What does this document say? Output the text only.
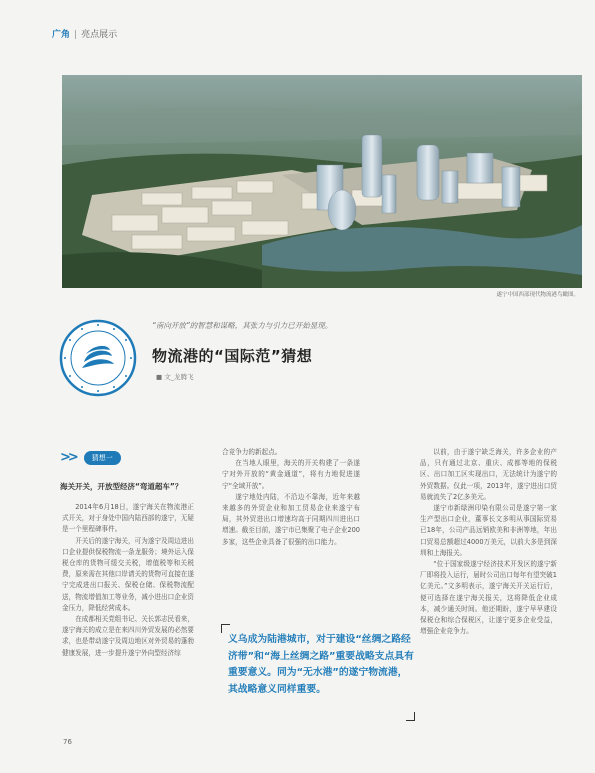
广角 | 亮点展示
遂宁中国西部现代物流港鸟瞰图。
“南向开放”的智慧和谋略，其张力与引力已开始显现。
物流港的“国际范”猜想
■ 文_龙腾飞
>>	猜想一
海关开关，开放型经济“弯道超车”？

2014年6月18日，遂宁海关在物流港正式开关，对于身处中国内陆西部的遂宁，无疑是一个里程碑事件。

开关后的遂宁海关，可为遂宁及周边进出口企业提供保税物流一条龙服务；境外运入保税仓库的货物可缓交关税，增值税等和关税费，原来需在其他口岸请关的货物可直接在遂宁完成进出口报关、保税仓储、保税物流配送，物流增值加工等业务，减小进出口企业资金压力，降低经营成本。

在成都相关党组书记、关长郭志民看来，遂宁海关的成立是在来四川外贸发展的必然要求，也是带动遂宁及周边地区对外贸易的蓬勃健康发展，进一步提升遂宁外向型经济综

合竞争力的新起点。

在当地人眼里，海关的开关构建了一条遂宁对外开放的“黄金通道”，将有力地促进遂宁“全域开放”。

遂宁地处内陆，不沿边不靠海，近年来越来越多的外贸企业和加工贸易企业来遂宁布局，其外贸进出口增速均高于同期四川进出口增速。截至目前，遂宁市已集聚了电子企业200多家，这些企业具备了很强的出口能力。

以前，由于遂宁缺乏海关，许多企业的产品，只有通过北京、重庆、成都等地的保税区、出口加工区实现出口，无法统计为遂宁的外贸数据。仅此一项，2013年，遂宁进出口贸易就流失了2亿多美元。

遂宁市新绿洲印染有限公司是遂宁第一家生产型出口企业，董事长文多明从事国际贸易已18年，公司产品远销欧美和非洲等地，年出口贸易总额超过4000万美元，以前大多是到深圳和上海报关。

“位于国家级遂宁经济技术开发区的遂宁新厂即将投入运行，届时公司出口每年有望突破1亿美元。”文多明表示，遂宁海关开关运行后，便可选择在遂宁海关报关，这将降低企业成本，减少通关时间。他还期盼，遂宁早早建设保税仓和综合保税区，让遂宁更多企业受益，增强企业竞争力。

义乌成为陆港城市，对于建设“丝绸之路经济带”和“海上丝绸之路”重要战略支点具有重要意义。同为“无水港”的遂宁物流港，其战略意义同样重要。
76
